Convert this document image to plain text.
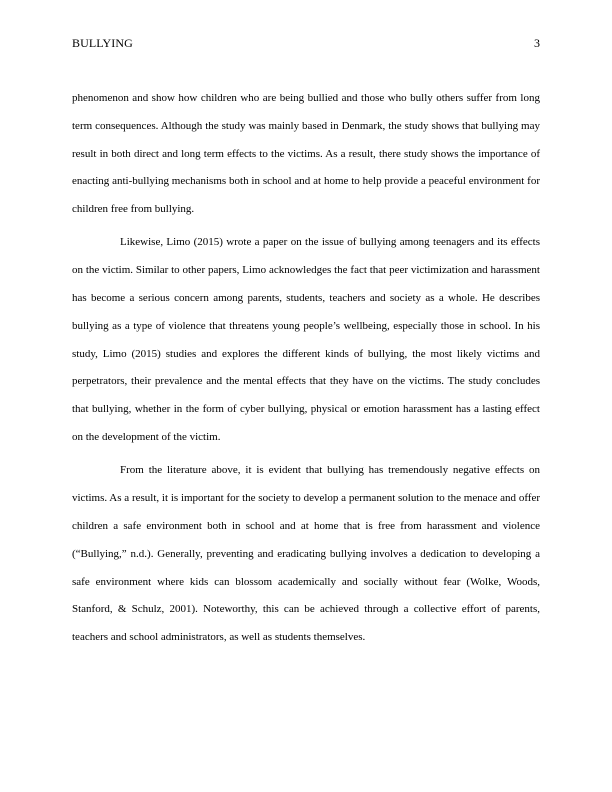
BULLYING	3

phenomenon and show how children who are being bullied and those who bully others suffer from long term consequences. Although the study was mainly based in Denmark, the study shows that bullying may result in both direct and long term effects to the victims. As a result, there study shows the importance of enacting anti-bullying mechanisms both in school and at home to help provide a peaceful environment for children free from bullying.

Likewise, Limo (2015) wrote a paper on the issue of bullying among teenagers and its effects on the victim. Similar to other papers, Limo acknowledges the fact that peer victimization and harassment has become a serious concern among parents, students, teachers and society as a whole. He describes bullying as a type of violence that threatens young people’s wellbeing, especially those in school. In his study, Limo (2015) studies and explores the different kinds of bullying, the most likely victims and perpetrators, their prevalence and the mental effects that they have on the victims. The study concludes that bullying, whether in the form of cyber bullying, physical or emotion harassment has a lasting effect on the development of the victim.

From the literature above, it is evident that bullying has tremendously negative effects on victims. As a result, it is important for the society to develop a permanent solution to the menace and offer children a safe environment both in school and at home that is free from harassment and violence (“Bullying,” n.d.). Generally, preventing and eradicating bullying involves a dedication to developing a safe environment where kids can blossom academically and socially without fear (Wolke, Woods, Stanford, & Schulz, 2001). Noteworthy, this can be achieved through a collective effort of parents, teachers and school administrators, as well as students themselves.
